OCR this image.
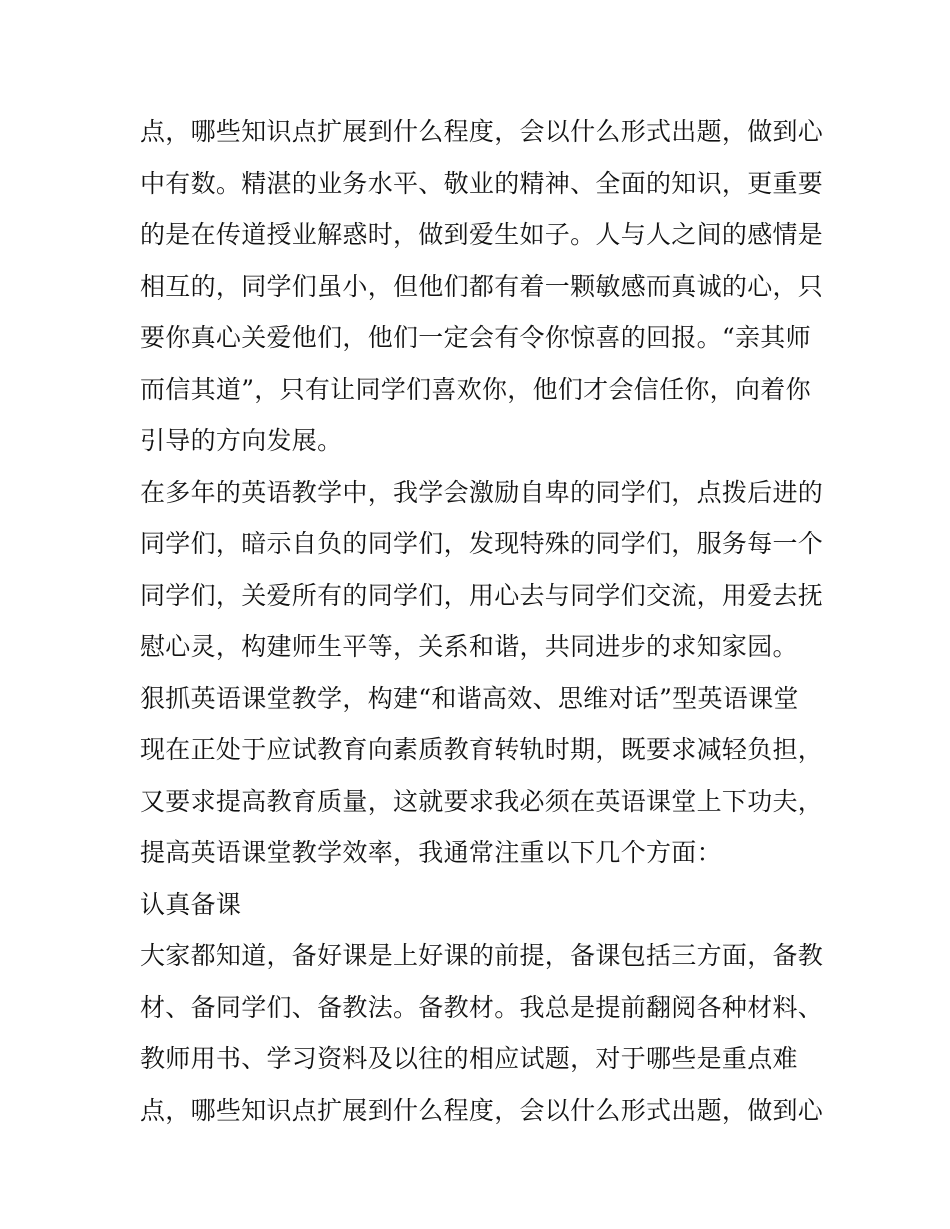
点，哪些知识点扩展到什么程度，会以什么形式出题，做到心
中有数。精湛的业务水平、敬业的精神、全面的知识，更重要
的是在传道授业解惑时，做到爱生如子。人与人之间的感情是
相互的，同学们虽小，但他们都有着一颗敏感而真诚的心，只
要你真心关爱他们，他们一定会有令你惊喜的回报。“亲其师
而信其道”，只有让同学们喜欢你，他们才会信任你，向着你
引导的方向发展。
在多年的英语教学中，我学会激励自卑的同学们，点拨后进的
同学们，暗示自负的同学们，发现特殊的同学们，服务每一个
同学们，关爱所有的同学们，用心去与同学们交流，用爱去抚
慰心灵，构建师生平等，关系和谐，共同进步的求知家园。
狠抓英语课堂教学，构建“和谐高效、思维对话”型英语课堂
现在正处于应试教育向素质教育转轨时期，既要求减轻负担，
又要求提高教育质量，这就要求我必须在英语课堂上下功夫，
提高英语课堂教学效率，我通常注重以下几个方面：
认真备课
大家都知道，备好课是上好课的前提，备课包括三方面，备教
材、备同学们、备教法。备教材。我总是提前翻阅各种材料、
教师用书、学习资料及以往的相应试题，对于哪些是重点难
点，哪些知识点扩展到什么程度，会以什么形式出题，做到心
